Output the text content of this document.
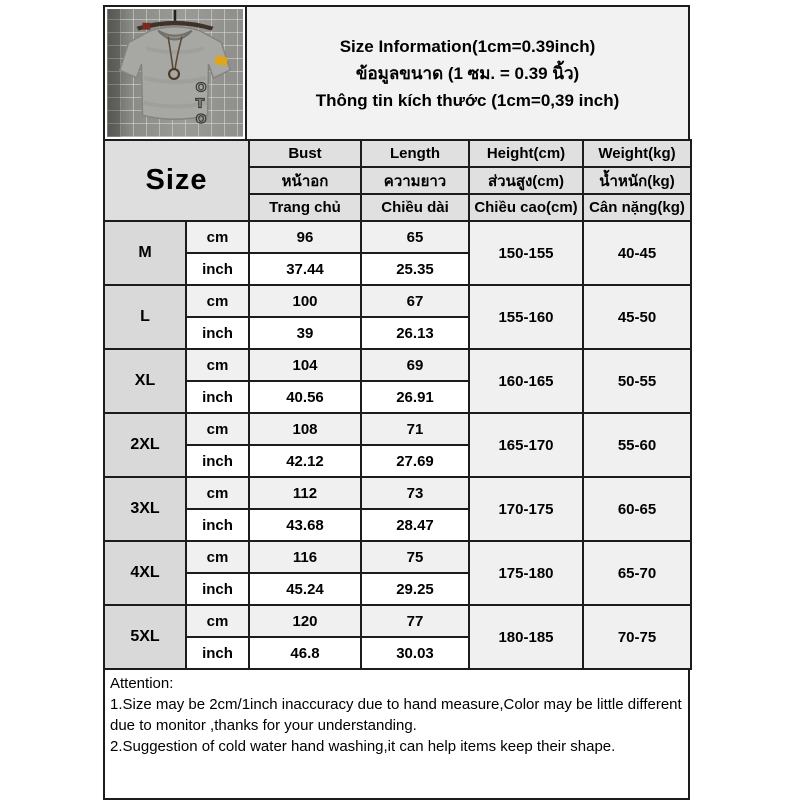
O
T
O
Size Information(1cm=0.39inch)
ข้อมูลขนาด (1 ซม. = 0.39 นิ้ว)
Thông tin kích thước (1cm=0,39 inch)
Size		Bust	Length	Height(cm)	Weight(kg)
		หน้าอก	ความยาว	ส่วนสูง(cm)	น้ำหนัก(kg)
		Trang chủ	Chiều dài	Chiều cao(cm)	Cân nặng(kg)
M	cm	96	65	150-155	40-45
	inch	37.44	25.35		
L	cm	100	67	155-160	45-50
	inch	39	26.13		
XL	cm	104	69	160-165	50-55
	inch	40.56	26.91		
2XL	cm	108	71	165-170	55-60
	inch	42.12	27.69		
3XL	cm	112	73	170-175	60-65
	inch	43.68	28.47		
4XL	cm	116	75	175-180	65-70
	inch	45.24	29.25		
5XL	cm	120	77	180-185	70-75
	inch	46.8	30.03		
Attention:
1.Size may be 2cm/1inch inaccuracy due to hand measure,Color may be little different due to monitor ,thanks for your understanding.
2.Suggestion of cold water hand washing,it can help items keep their shape.
